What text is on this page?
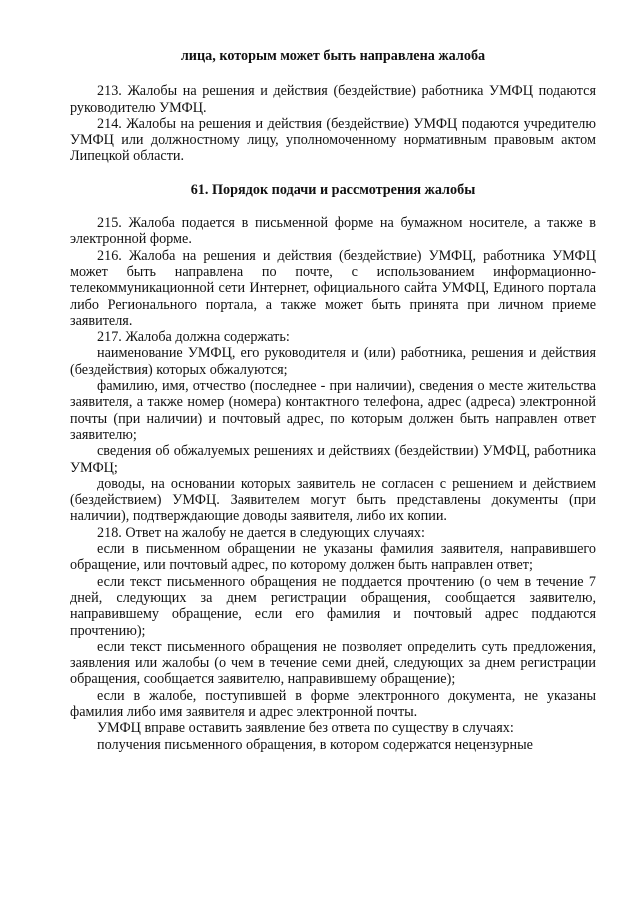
лица, которым может быть направлена жалоба

213. Жалобы на решения и действия (бездействие) работника УМФЦ подаются руководителю УМФЦ.

214. Жалобы на решения и действия (бездействие) УМФЦ подаются учредителю УМФЦ или должностному лицу, уполномоченному нормативным правовым актом Липецкой области.

61. Порядок подачи и рассмотрения жалобы

215. Жалоба подается в письменной форме на бумажном носителе, а также в электронной форме.

216. Жалоба на решения и действия (бездействие) УМФЦ, работника УМФЦ может быть направлена по почте, с использованием информационно-телекоммуникационной сети Интернет, официального сайта УМФЦ, Единого портала либо Регионального портала, а также может быть принята при личном приеме заявителя.

217. Жалоба должна содержать:

наименование УМФЦ, его руководителя и (или) работника, решения и действия (бездействия) которых обжалуются;

фамилию, имя, отчество (последнее - при наличии), сведения о месте жительства заявителя, а также номер (номера) контактного телефона, адрес (адреса) электронной почты (при наличии) и почтовый адрес, по которым должен быть направлен ответ заявителю;

сведения об обжалуемых решениях и действиях (бездействии) УМФЦ, работника УМФЦ;

доводы, на основании которых заявитель не согласен с решением и действием (бездействием) УМФЦ. Заявителем могут быть представлены документы (при наличии), подтверждающие доводы заявителя, либо их копии.

218. Ответ на жалобу не дается в следующих случаях:

если в письменном обращении не указаны фамилия заявителя, направившего обращение, или почтовый адрес, по которому должен быть направлен ответ;

если текст письменного обращения не поддается прочтению (о чем в течение 7 дней, следующих за днем регистрации обращения, сообщается заявителю, направившему обращение, если его фамилия и почтовый адрес поддаются прочтению);

если текст письменного обращения не позволяет определить суть предложения, заявления или жалобы (о чем в течение семи дней, следующих за днем регистрации обращения, сообщается заявителю, направившему обращение);

если в жалобе, поступившей в форме электронного документа, не указаны фамилия либо имя заявителя и адрес электронной почты.

УМФЦ вправе оставить заявление без ответа по существу в случаях:

получения письменного обращения, в котором содержатся нецензурные
